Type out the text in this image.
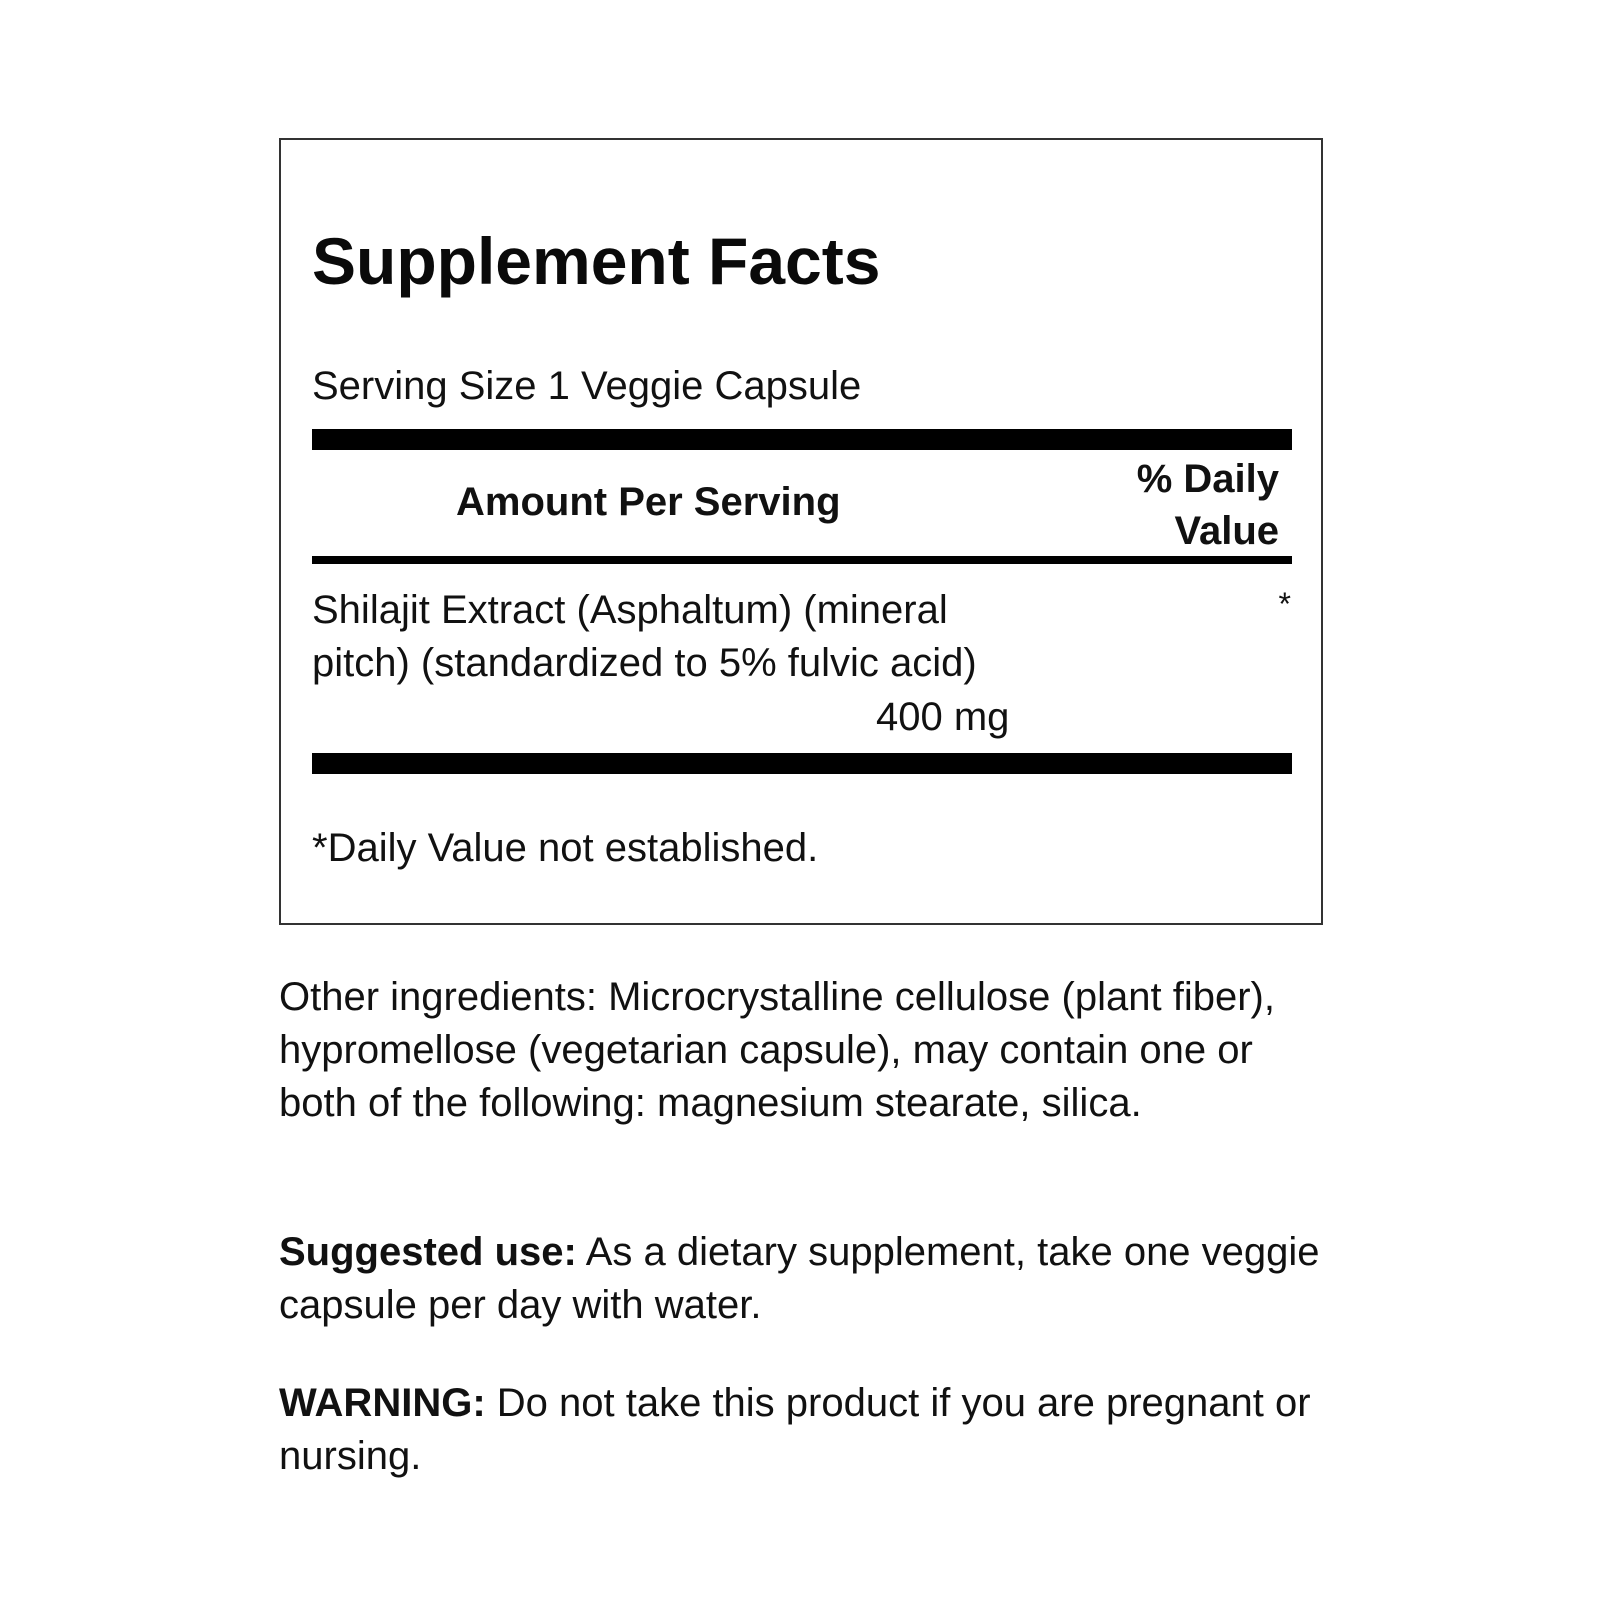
Supplement Facts
Serving Size 1 Veggie Capsule
Amount Per Serving
% Daily
Value
Shilajit Extract (Asphaltum) (mineral pitch) (standardized to 5% fulvic acid)
400 mg
*
*Daily Value not established.

Other ingredients: Microcrystalline cellulose (plant fiber), hypromellose (vegetarian capsule), may contain one or both of the following: magnesium stearate, silica.

Suggested use: As a dietary supplement, take one veggie capsule per day with water.

WARNING: Do not take this product if you are pregnant or nursing.
